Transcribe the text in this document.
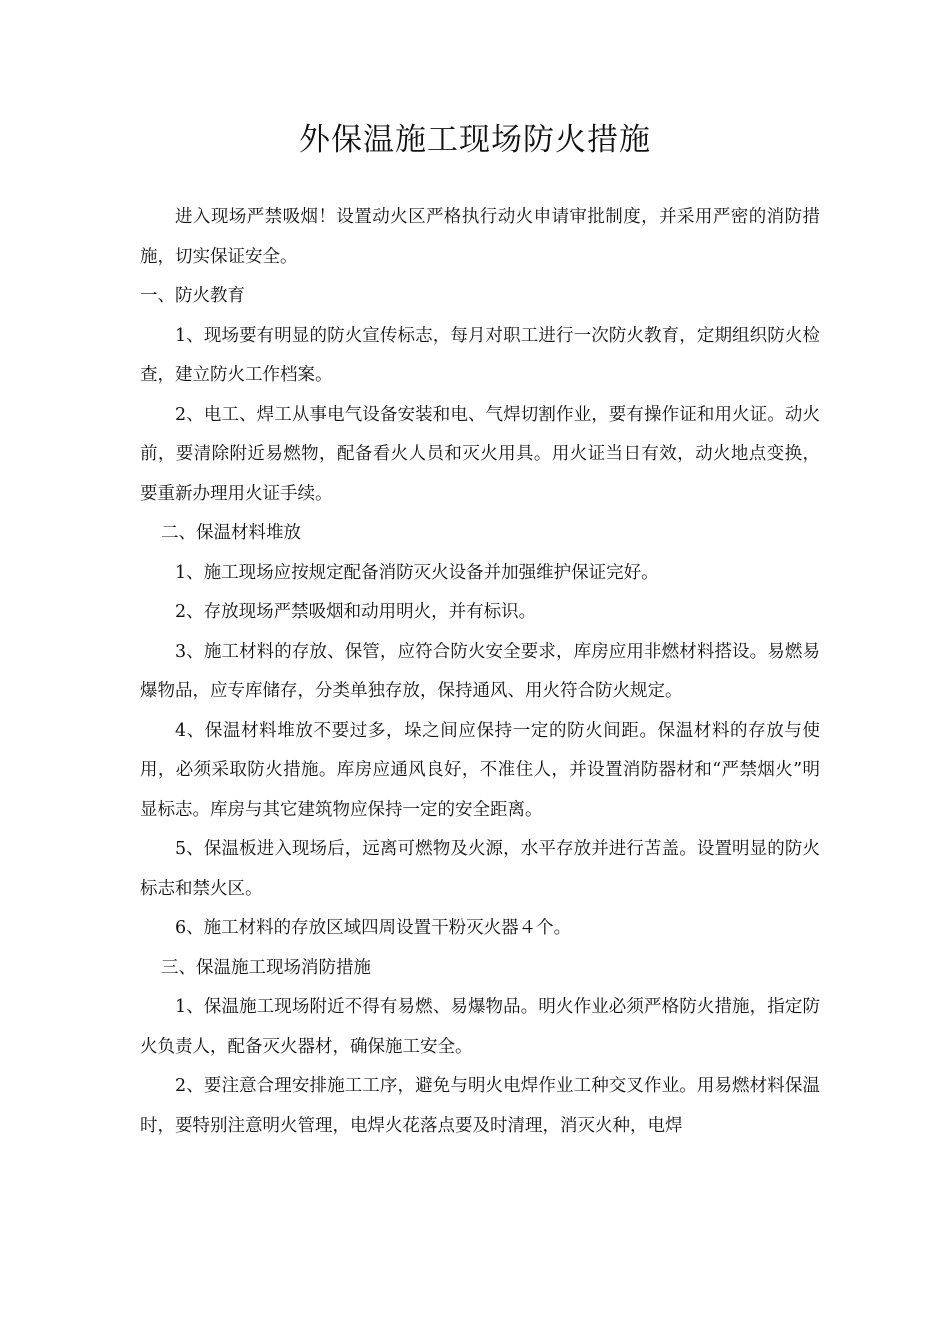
外保温施工现场防火措施

进入现场严禁吸烟！设置动火区严格执行动火申请审批制度，并采用严密的消防措施，切实保证安全。

一、防火教育

1、现场要有明显的防火宣传标志，每月对职工进行一次防火教育，定期组织防火检查，建立防火工作档案。

2、电工、焊工从事电气设备安装和电、气焊切割作业，要有操作证和用火证。动火前，要清除附近易燃物，配备看火人员和灭火用具。用火证当日有效，动火地点变换，要重新办理用火证手续。

二、保温材料堆放

1、施工现场应按规定配备消防灭火设备并加强维护保证完好。

2、存放现场严禁吸烟和动用明火，并有标识。

3、施工材料的存放、保管，应符合防火安全要求，库房应用非燃材料搭设。易燃易爆物品，应专库储存，分类单独存放，保持通风、用火符合防火规定。

4、保温材料堆放不要过多，垛之间应保持一定的防火间距。保温材料的存放与使用，必须采取防火措施。库房应通风良好，不准住人，并设置消防器材和“严禁烟火”明显标志。库房与其它建筑物应保持一定的安全距离。

5、保温板进入现场后，远离可燃物及火源，水平存放并进行苫盖。设置明显的防火标志和禁火区。

6、施工材料的存放区域四周设置干粉灭火器４个。

三、保温施工现场消防措施

1、保温施工现场附近不得有易燃、易爆物品。明火作业必须严格防火措施，指定防火负责人，配备灭火器材，确保施工安全。

2、要注意合理安排施工工序，避免与明火电焊作业工种交叉作业。用易燃材料保温时，要特别注意明火管理，电焊火花落点要及时清理，消灭火种，电焊
